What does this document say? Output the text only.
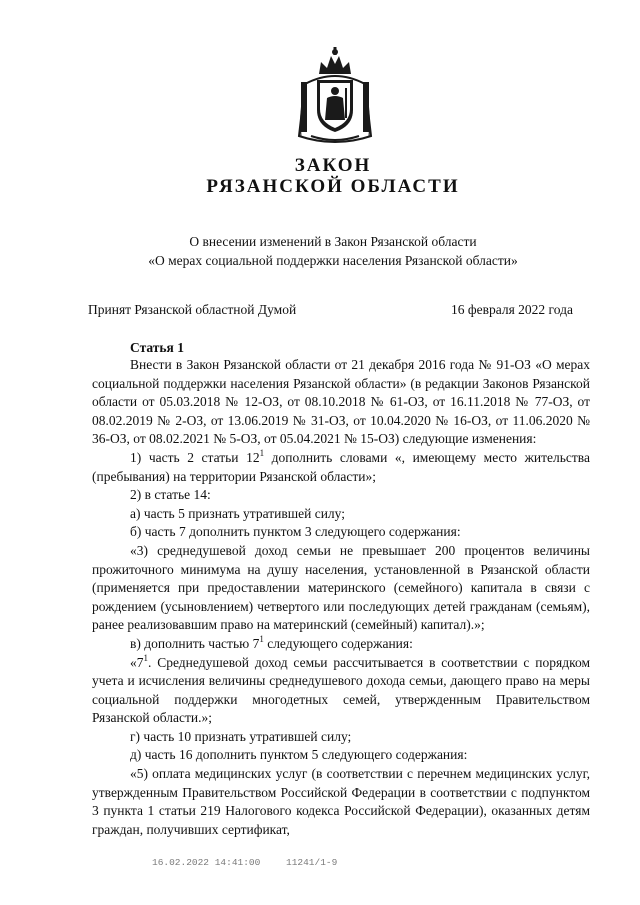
ЗАКОН
РЯЗАНСКОЙ ОБЛАСТИ

О внесении изменений в Закон Рязанской области

«О мерах социальной поддержки населения Рязанской области»

Принят Рязанской областной Думой	16 февраля 2022 года
Статья 1

Внести в Закон Рязанской области от 21 декабря 2016 года № 91-ОЗ «О мерах социальной поддержки населения Рязанской области» (в редакции Законов Рязанской области от 05.03.2018 № 12-ОЗ, от 08.10.2018 № 61-ОЗ, от 16.11.2018 № 77-ОЗ, от 08.02.2019 № 2-ОЗ, от 13.06.2019 № 31-ОЗ, от 10.04.2020 № 16-ОЗ, от 11.06.2020 № 36-ОЗ, от 08.02.2021 № 5-ОЗ, от 05.04.2021 № 15-ОЗ) следующие изменения:

1) часть 2 статьи $12^1$ дополнить словами «, имеющему место жительства (пребывания) на территории Рязанской области»;

2) в статье 14:

а) часть 5 признать утратившей силу;

б) часть 7 дополнить пунктом 3 следующего содержания:

«3) среднедушевой доход семьи не превышает 200 процентов величины прожиточного минимума на душу населения, установленной в Рязанской области (применяется при предоставлении материнского (семейного) капитала в связи с рождением (усыновлением) четвертого или последующих детей гражданам (семьям), ранее реализовавшим право на материнский (семейный) капитал).»;

в) дополнить частью $7^1$ следующего содержания:

«$7^1$. Среднедушевой доход семьи рассчитывается в соответствии с порядком учета и исчисления величины среднедушевого дохода семьи, дающего право на меры социальной поддержки многодетных семей, утвержденным Правительством Рязанской области.»;

г) часть 10 признать утратившей силу;

д) часть 16 дополнить пунктом 5 следующего содержания:

«5) оплата медицинских услуг (в соответствии с перечнем медицинских услуг, утвержденным Правительством Российской Федерации в соответствии с подпунктом 3 пункта 1 статьи 219 Налогового кодекса Российской Федерации), оказанных детям граждан, получивших сертификат,

16.02.2022 14:41:00	11241/1-9
